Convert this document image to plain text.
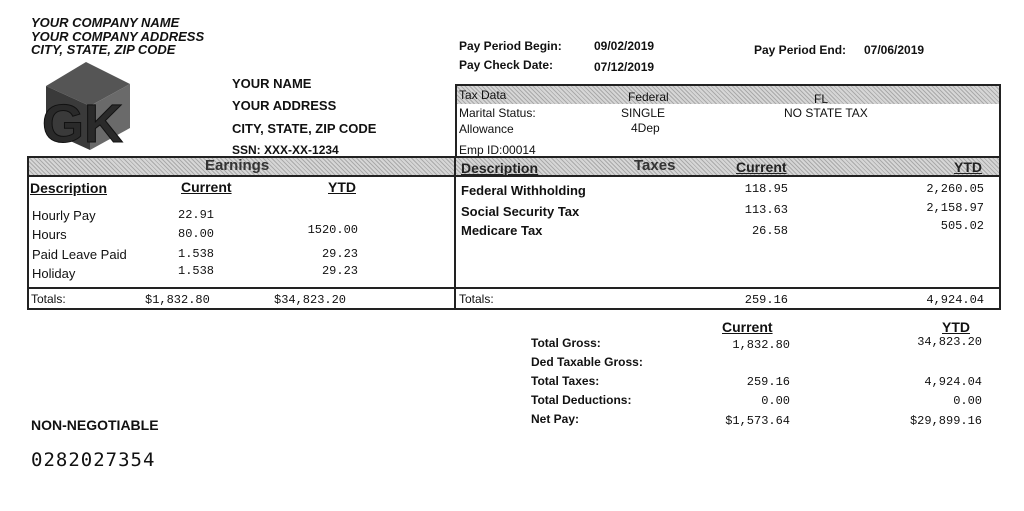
YOUR COMPANY NAME
YOUR COMPANY ADDRESS
CITY, STATE, ZIP CODE
GK
YOUR NAME
YOUR ADDRESS
CITY, STATE, ZIP CODE
SSN: XXX-XX-1234
Pay Period Begin:	09/02/2019	Pay Period End: 07/06/2019
Pay Check Date:	07/12/2019
Tax Data	Federal	FL
Marital Status:	SINGLE	NO STATE TAX
Allowance	4Dep
Emp ID:00014
Earnings	Taxes
Description	Current	YTD
Hourly Pay	22.91
Hours	80.00	1520.00
Paid Leave Paid	1.538	29.23
Holiday	1.538	29.23
Totals:	$1,832.80	$34,823.20
Description	Current	YTD
Federal Withholding	118.95	2,260.05
Social Security Tax	113.63	2,158.97
Medicare Tax	26.58	505.02
Totals:	259.16	4,924.04
Current	YTD
Total Gross:	1,832.80	34,823.20
Ded Taxable Gross:
Total Taxes:	259.16	4,924.04
Total Deductions:	0.00	0.00
Net Pay:	$1,573.64	$29,899.16
NON-NEGOTIABLE
0282027354
